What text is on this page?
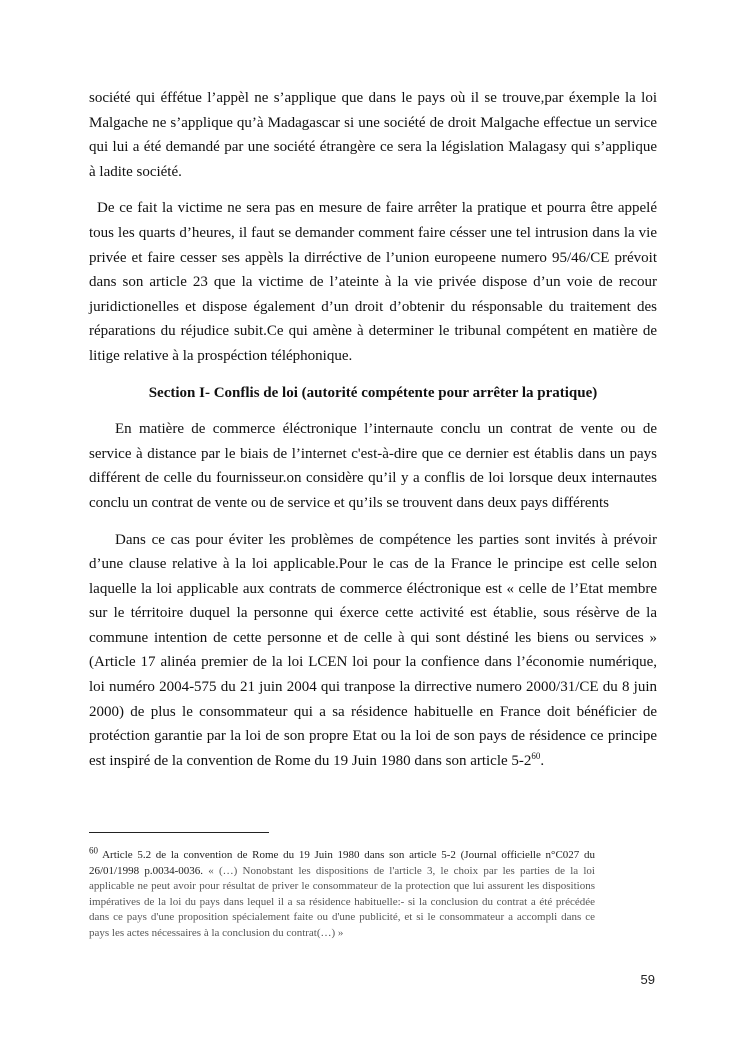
société qui éffétue l’appèl ne s’applique que dans le pays où il se trouve,par éxemple la loi Malgache ne s’applique qu’à Madagascar si une société de droit Malgache effectue un service qui lui a été demandé par une société étrangère ce sera la législation Malagasy qui s’applique à ladite société.

De ce fait la victime ne sera pas en mesure de faire arrêter la pratique et pourra être appelé tous les quarts d’heures, il faut se demander comment faire césser une tel intrusion dans la vie privée et faire cesser ses appèls la dirréctive de l’union europeene numero 95/46/CE prévoit dans son article 23 que la victime de l’ateinte à la vie privée dispose d’un voie de recour juridictionelles et dispose également d’un droit d’obtenir du résponsable du traitement des réparations du réjudice subit.Ce qui amène à determiner le tribunal compétent en matière de litige relative à la prospéction téléphonique.

Section I- Conflis de loi (autorité compétente pour arrêter la pratique)

En matière de commerce éléctronique l’internaute conclu un contrat de vente ou de service à distance par le biais de l’internet c'est-à-dire que ce dernier est établis dans un pays différent de celle du fournisseur.on considère qu’il y a conflis de loi lorsque deux internautes conclu un contrat de vente ou de service et qu’ils se trouvent dans deux pays différents

Dans ce cas pour éviter les problèmes de compétence les parties sont invités à prévoir d’une clause relative à la loi applicable.Pour le cas de la France le principe est celle selon laquelle la loi applicable aux contrats de commerce éléctronique est « celle de l’Etat membre sur le térritoire duquel la personne qui éxerce cette activité est établie, sous résèrve de la commune intention de cette personne et de celle à qui sont déstiné les biens ou services » (Article 17 alinéa premier de la loi LCEN loi pour la confience dans l’économie numérique, loi numéro 2004-575 du 21 juin 2004 qui tranpose la dirrective numero 2000/31/CE du 8 juin 2000) de plus le consommateur qui a sa résidence habituelle en France doit bénéficier de protéction garantie par la loi de son propre Etat ou la loi de son pays de résidence ce principe est inspiré de la convention de Rome du 19 Juin 1980 dans son article $5-2^{60}$.

$^{60}$ Article 5.2 de la convention de Rome du 19 Juin 1980 dans son article 5-2 (Journal officielle n°C027 du 26/01/1998 p.0034-0036. « (…) Nonobstant les dispositions de l'article 3, le choix par les parties de la loi applicable ne peut avoir pour résultat de priver le consommateur de la protection que lui assurent les dispositions impératives de la loi du pays dans lequel il a sa résidence habituelle:- si la conclusion du contrat a été précédée dans ce pays d'une proposition spécialement faite ou d'une publicité, et si le consommateur a accompli dans ce pays les actes nécessaires à la conclusion du contrat(…) »
59
